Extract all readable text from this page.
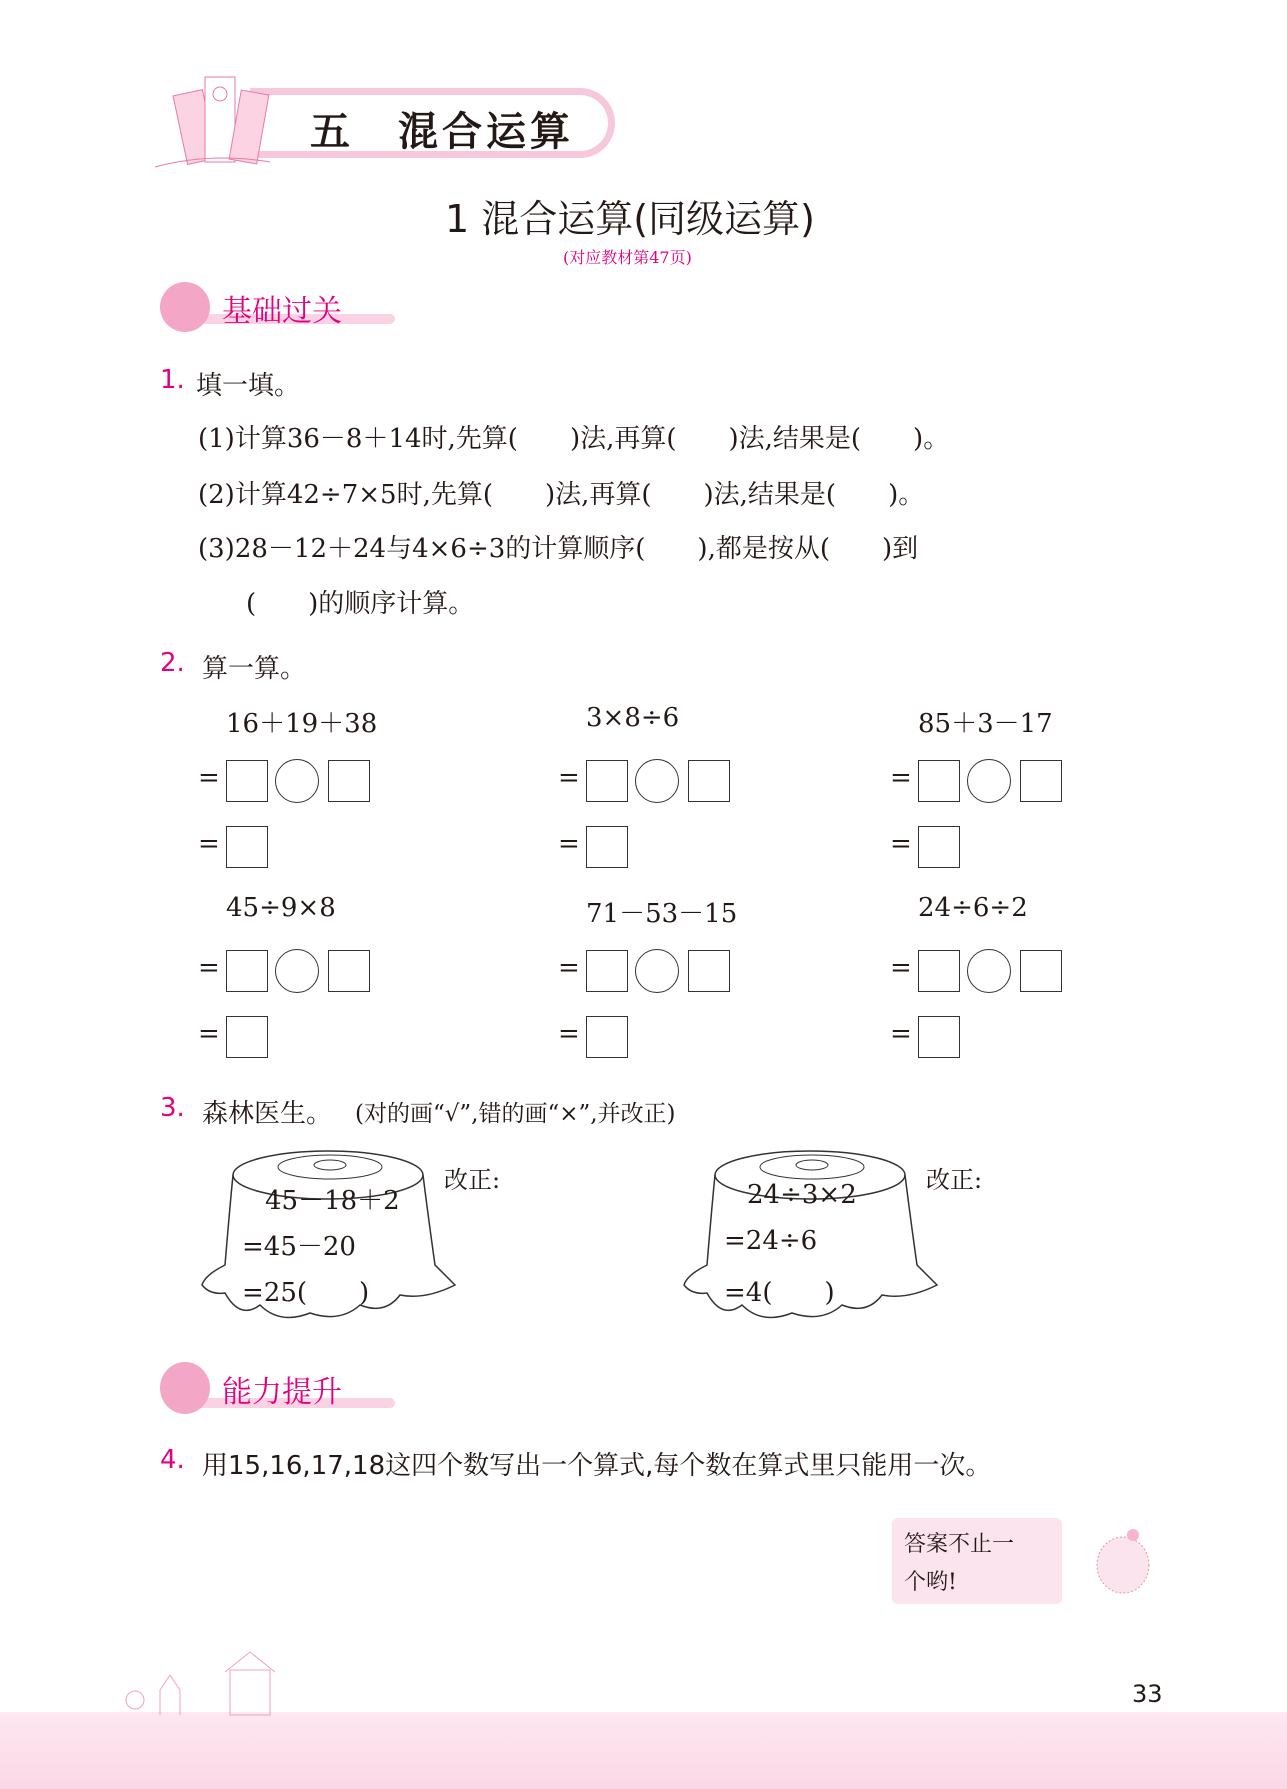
五　混合运算
1 混合运算(同级运算)
(对应教材第47页)
基础过关
1. 填一填。
(1)计算36－8＋14时,先算(　　)法,再算(　　)法,结果是(　　)。
(2)计算42÷7×5时,先算(　　)法,再算(　　)法,结果是(　　)。
(3)28－12＋24与4×6÷3的计算顺序(　　),都是按从(　　)到
(　　)的顺序计算。
2. 算一算。
16＋19＋38
=
=
3×8÷6
=
=
85＋3－17
=
=
45÷9×8
=
=
71－53－15
=
=
24÷6÷2
=
=
3. 森林医生。 (对的画“√”,错的画“×”,并改正)
45－18＋2
=45－20
=25(　　)
改正:	24÷3×2
=24÷6
=4(　　)
改正:
能力提升
4. 用15,16,17,18这四个数写出一个算式,每个数在算式里只能用一次。
答案不止一
个哟!
33
